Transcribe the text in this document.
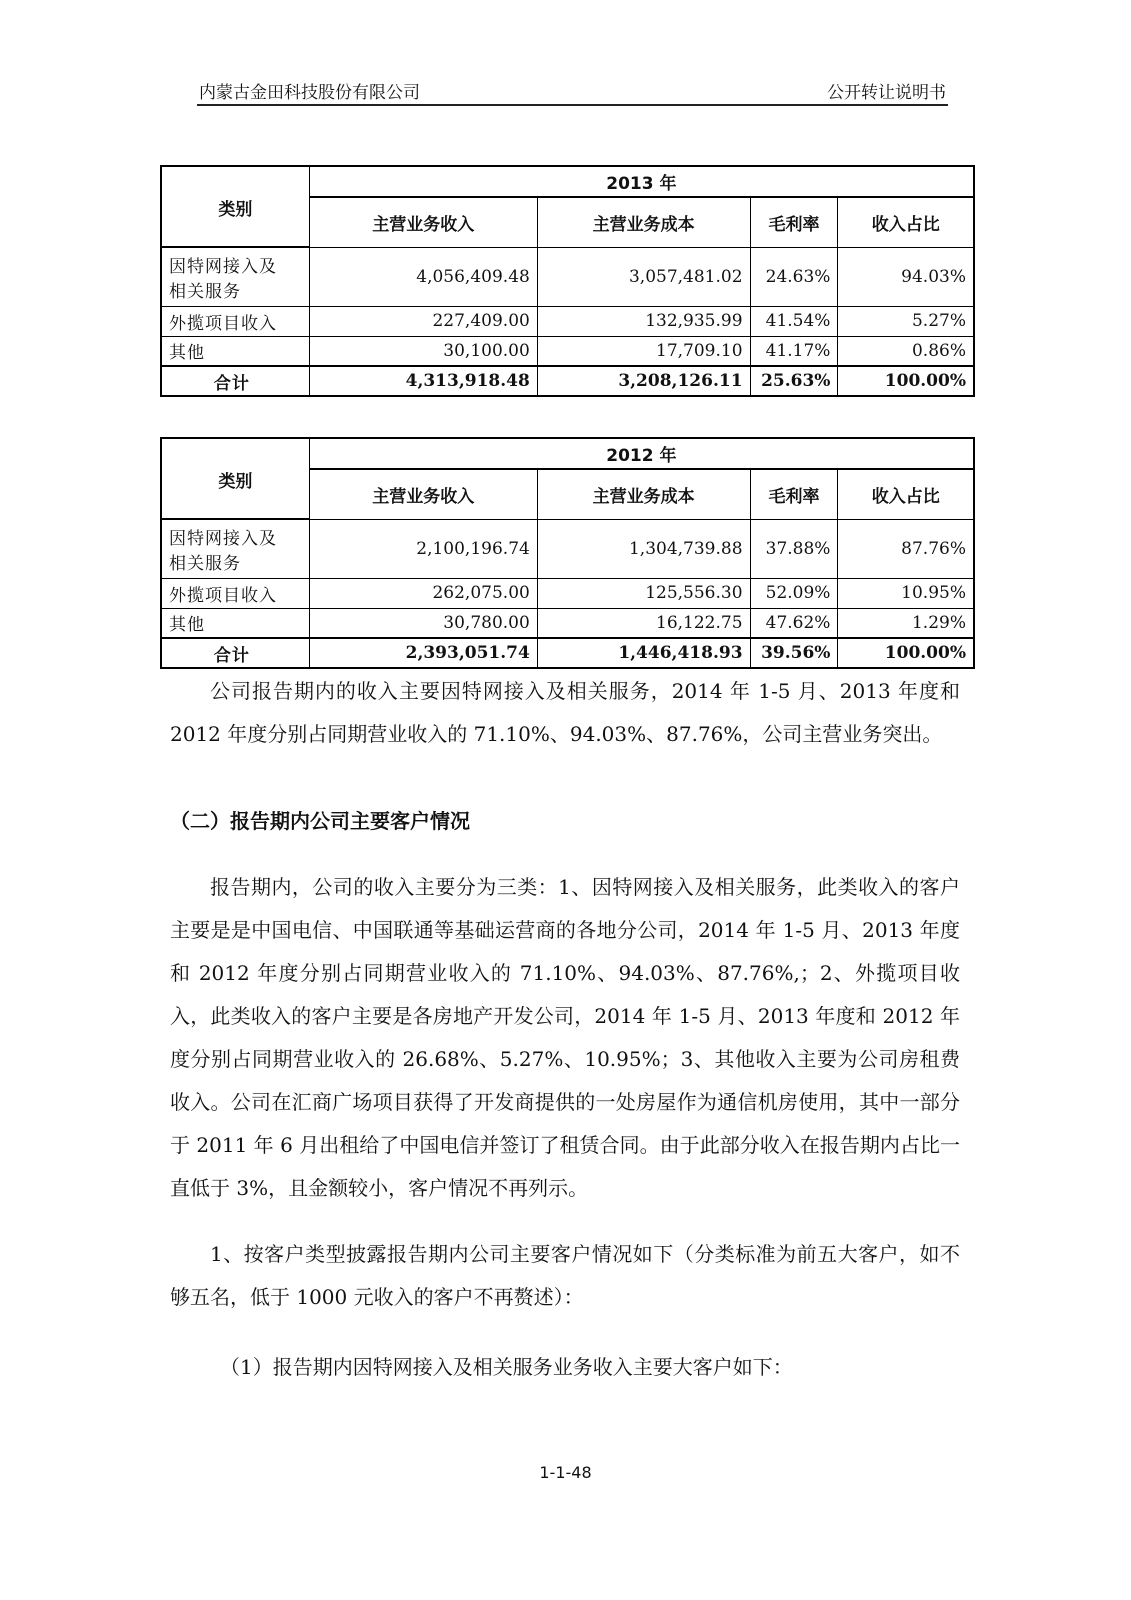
内蒙古金田科技股份有限公司	公开转让说明书
类别	2013 年			
	主营业务收入	主营业务成本	毛利率	收入占比
因特网接入及
相关服务	4,056,409.48	3,057,481.02	24.63%	94.03%
外揽项目收入	227,409.00	132,935.99	41.54%	5.27%
其他	30,100.00	17,709.10	41.17%	0.86%
合计	4,313,918.48	3,208,126.11	25.63%	100.00%
类别	2012 年			
	主营业务收入	主营业务成本	毛利率	收入占比
因特网接入及
相关服务	2,100,196.74	1,304,739.88	37.88%	87.76%
外揽项目收入	262,075.00	125,556.30	52.09%	10.95%
其他	30,780.00	16,122.75	47.62%	1.29%
合计	2,393,051.74	1,446,418.93	39.56%	100.00%

公司报告期内的收入主要因特网接入及相关服务，2014 年 1-5 月、2013 年度和 2012 年度分别占同期营业收入的 71.10%、94.03%、87.76%，公司主营业务突出。

（二）报告期内公司主要客户情况

报告期内，公司的收入主要分为三类：1、因特网接入及相关服务，此类收入的客户主要是是中国电信、中国联通等基础运营商的各地分公司，2014 年 1-5 月、2013 年度和 2012 年度分别占同期营业收入的 71.10%、94.03%、87.76%,；2、外揽项目收入，此类收入的客户主要是各房地产开发公司，2014 年 1-5 月、2013 年度和 2012 年度分别占同期营业收入的 26.68%、5.27%、10.95%；3、其他收入主要为公司房租费收入。公司在汇商广场项目获得了开发商提供的一处房屋作为通信机房使用，其中一部分于 2011 年 6 月出租给了中国电信并签订了租赁合同。由于此部分收入在报告期内占比一直低于 3%，且金额较小，客户情况不再列示。

1、按客户类型披露报告期内公司主要客户情况如下（分类标准为前五大客户，如不够五名，低于 1000 元收入的客户不再赘述）：

（1）报告期内因特网接入及相关服务业务收入主要大客户如下：

1-1-48
